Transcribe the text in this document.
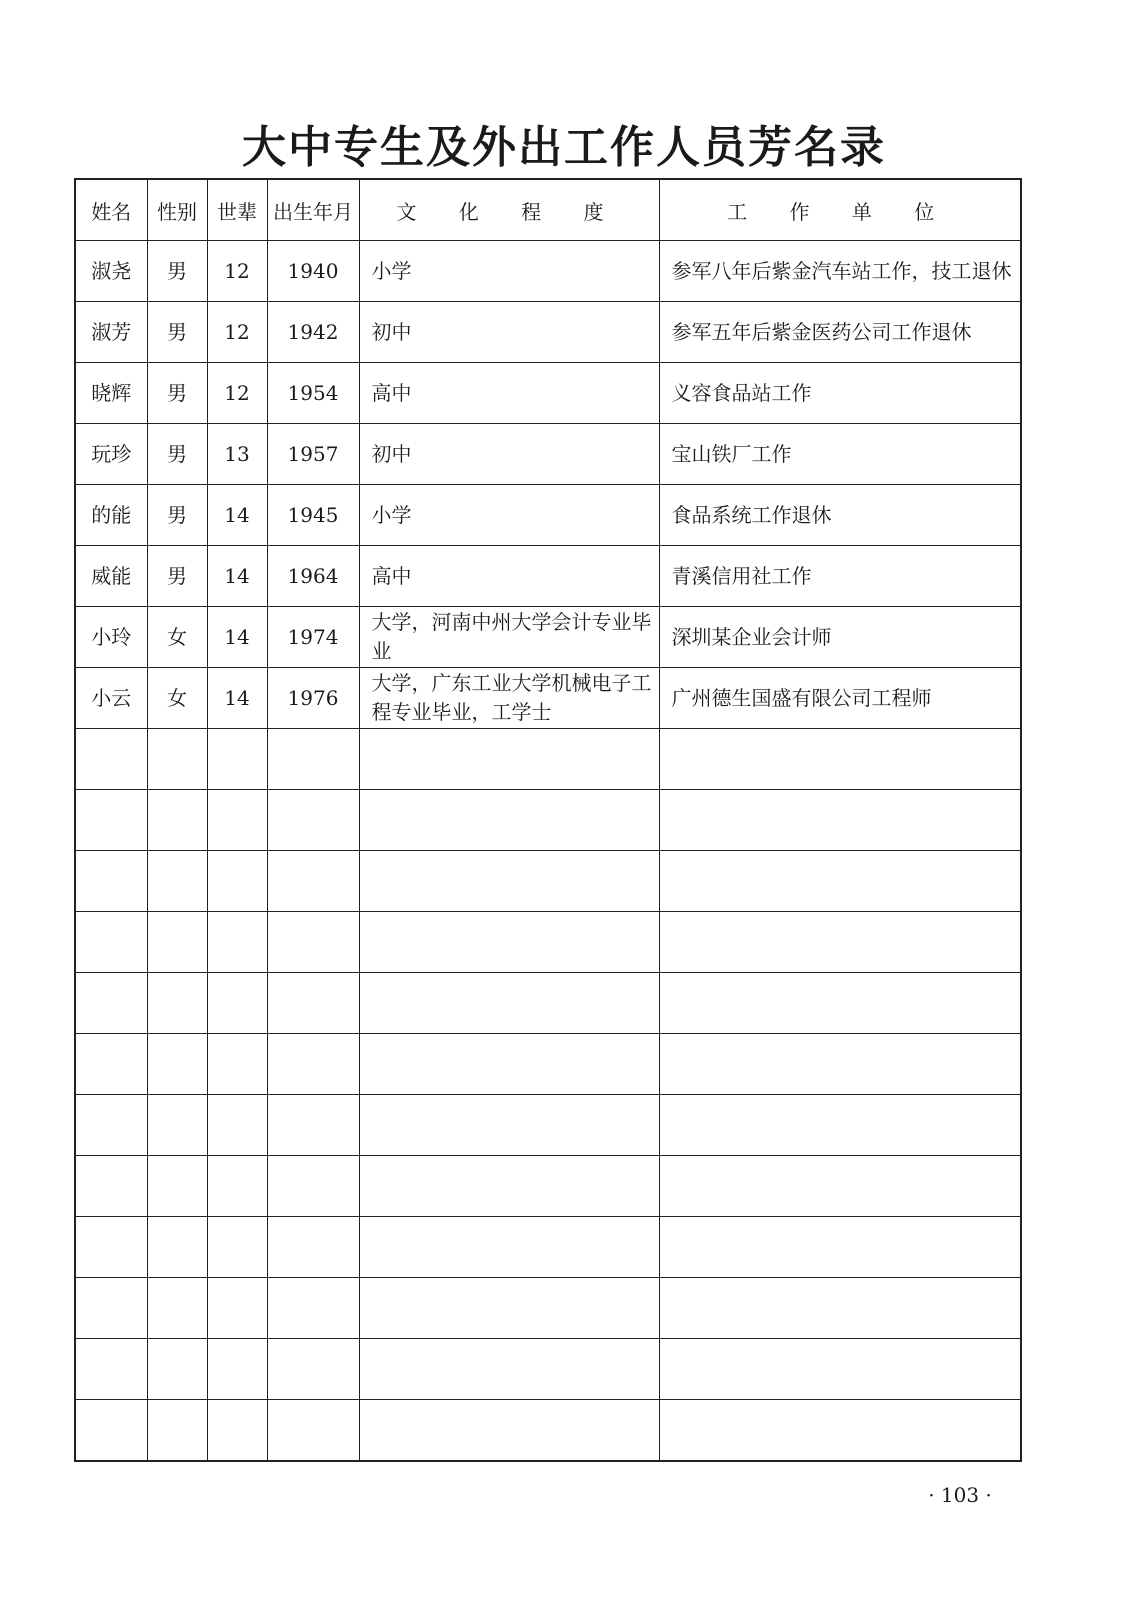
大中专生及外出工作人员芳名录
姓名	性别	世辈	出生年月	文 化 程 度	工 作 单 位
淑尧	男	12	1940	小学	参军八年后紫金汽车站工作，技工退休
淑芳	男	12	1942	初中	参军五年后紫金医药公司工作退休
晓辉	男	12	1954	高中	义容食品站工作
玩珍	男	13	1957	初中	宝山铁厂工作
的能	男	14	1945	小学	食品系统工作退休
威能	男	14	1964	高中	青溪信用社工作
小玲	女	14	1974	大学，河南中州大学会计专业毕业	深圳某企业会计师
小云	女	14	1976	大学，广东工业大学机械电子工程专业毕业，工学士	广州德生国盛有限公司工程师

· 103 ·
